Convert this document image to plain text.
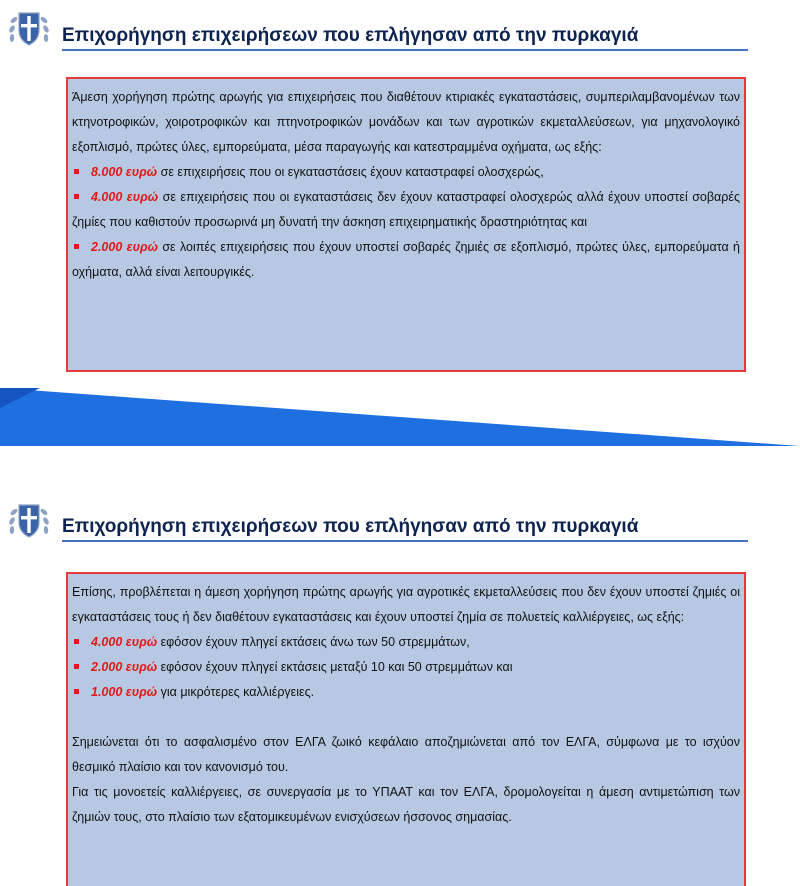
Επιχορήγηση επιχειρήσεων που επλήγησαν από την πυρκαγιά

Άμεση χορήγηση πρώτης αρωγής για επιχειρήσεις που διαθέτουν κτιριακές εγκαταστάσεις, συμπεριλαμβανομένων των κτηνοτροφικών, χοιροτροφικών και πτηνοτροφικών μονάδων και των αγροτικών εκμεταλλεύσεων, για μηχανολογικό εξοπλισμό, πρώτες ύλες, εμπορεύματα, μέσα παραγωγής και κατεστραμμένα οχήματα, ως εξής:

8.000 ευρώ σε επιχειρήσεις που οι εγκαταστάσεις έχουν καταστραφεί ολοσχερώς,

4.000 ευρώ σε επιχειρήσεις που οι εγκαταστάσεις δεν έχουν καταστραφεί ολοσχερώς αλλά έχουν υποστεί σοβαρές ζημίες που καθιστούν προσωρινά μη δυνατή την άσκηση επιχειρηματικής δραστηριότητας και

2.000 ευρώ σε λοιπές επιχειρήσεις που έχουν υποστεί σοβαρές ζημιές σε εξοπλισμό, πρώτες ύλες, εμπορεύματα ή οχήματα, αλλά είναι λειτουργικές.

Επιχορήγηση επιχειρήσεων που επλήγησαν από την πυρκαγιά

Επίσης, προβλέπεται η άμεση χορήγηση πρώτης αρωγής για αγροτικές εκμεταλλεύσεις που δεν έχουν υποστεί ζημιές οι εγκαταστάσεις τους ή δεν διαθέτουν εγκαταστάσεις και έχουν υποστεί ζημία σε πολυετείς καλλιέργειες, ως εξής:

4.000 ευρώ εφόσον έχουν πληγεί εκτάσεις άνω των 50 στρεμμάτων,

2.000 ευρώ εφόσον έχουν πληγεί εκτάσεις μεταξύ 10 και 50 στρεμμάτων και

1.000 ευρώ για μικρότερες καλλιέργειες.

Σημειώνεται ότι το ασφαλισμένο στον ΕΛΓΑ ζωικό κεφάλαιο αποζημιώνεται από τον ΕΛΓΑ, σύμφωνα με το ισχύον θεσμικό πλαίσιο και τον κανονισμό του.

Για τις μονοετείς καλλιέργειες, σε συνεργασία με το ΥΠΑΑΤ και τον ΕΛΓΑ, δρομολογείται η άμεση αντιμετώπιση των ζημιών τους, στο πλαίσιο των εξατομικευμένων ενισχύσεων ήσσονος σημασίας.
